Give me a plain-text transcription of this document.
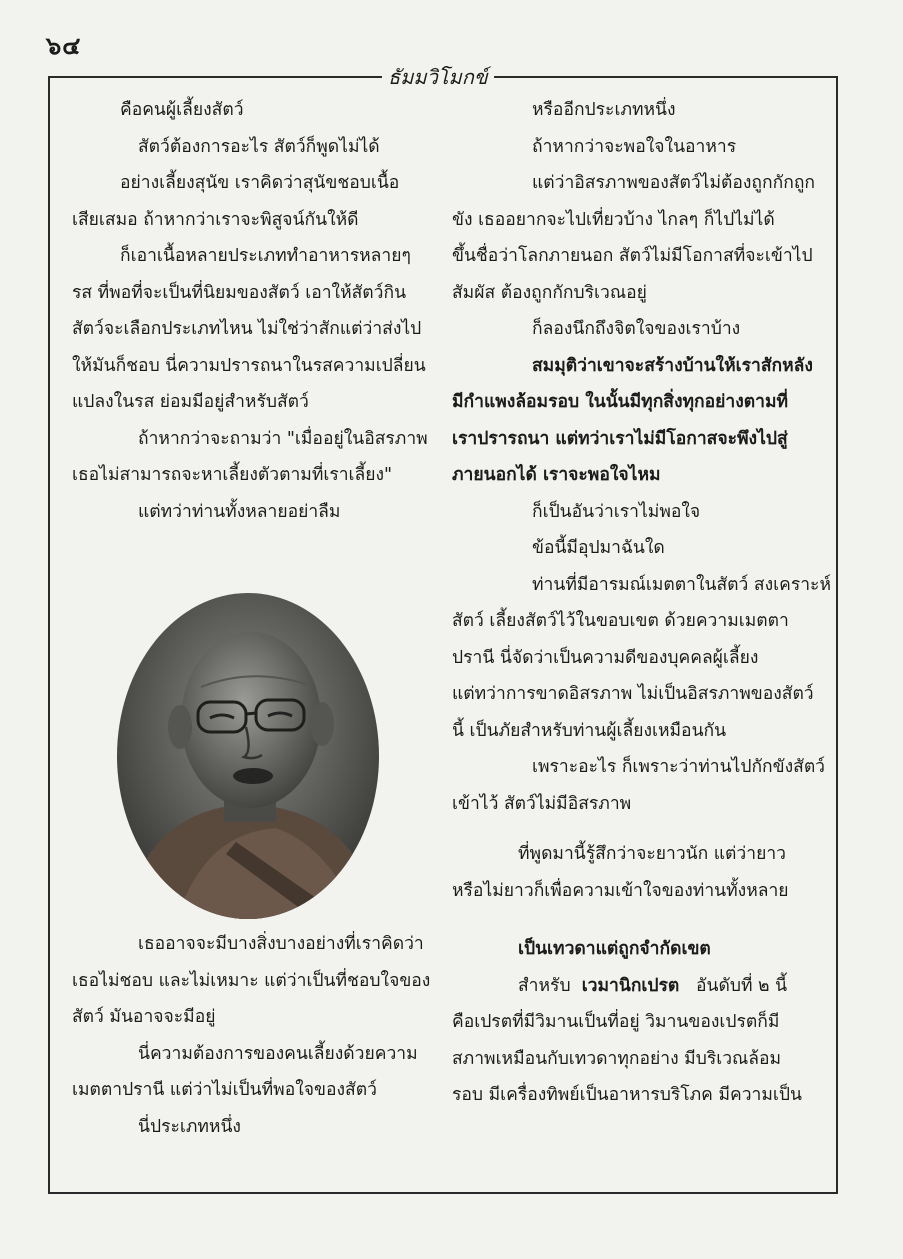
๖๔
ธัมมวิโมกข์
คือคนผู้เลี้ยงสัตว์
สัตว์ต้องการอะไร สัตว์ก็พูดไม่ได้
อย่างเลี้ยงสุนัข เราคิดว่าสุนัขชอบเนื้อ
เสียเสมอ ถ้าหากว่าเราจะพิสูจน์กันให้ดี
ก็เอาเนื้อหลายประเภททำอาหารหลายๆ
รส ที่พอที่จะเป็นที่นิยมของสัตว์ เอาให้สัตว์กิน
สัตว์จะเลือกประเภทไหน ไม่ใช่ว่าสักแต่ว่าส่งไป
ให้มันก็ชอบ นี่ความปรารถนาในรสความเปลี่ยน
แปลงในรส ย่อมมีอยู่สำหรับสัตว์
ถ้าหากว่าจะถามว่า "เมื่ออยู่ในอิสรภาพ
เธอไม่สามารถจะหาเลี้ยงตัวตามที่เราเลี้ยง"
แต่ทว่าท่านทั้งหลายอย่าลืม
เธออาจจะมีบางสิ่งบางอย่างที่เราคิดว่า
เธอไม่ชอบ และไม่เหมาะ แต่ว่าเป็นที่ชอบใจของ
สัตว์ มันอาจจะมีอยู่
นี่ความต้องการของคนเลี้ยงด้วยความ
เมตตาปรานี แต่ว่าไม่เป็นที่พอใจของสัตว์
นี่ประเภทหนึ่ง
หรืออีกประเภทหนึ่ง
ถ้าหากว่าจะพอใจในอาหาร
แต่ว่าอิสรภาพของสัตว์ไม่ต้องถูกกักถูก
ขัง เธออยากจะไปเที่ยวบ้าง ไกลๆ ก็ไปไม่ได้
ขึ้นชื่อว่าโลกภายนอก สัตว์ไม่มีโอกาสที่จะเข้าไป
สัมผัส ต้องถูกกักบริเวณอยู่
ก็ลองนึกถึงจิตใจของเราบ้าง
สมมุติว่าเขาจะสร้างบ้านให้เราสักหลัง
มีกำแพงล้อมรอบ ในนั้นมีทุกสิ่งทุกอย่างตามที่
เราปรารถนา แต่ทว่าเราไม่มีโอกาสจะพึงไปสู่
ภายนอกได้ เราจะพอใจไหม
ก็เป็นอันว่าเราไม่พอใจ
ข้อนี้มีอุปมาฉันใด
ท่านที่มีอารมณ์เมตตาในสัตว์ สงเคราะห์
สัตว์ เลี้ยงสัตว์ไว้ในขอบเขต ด้วยความเมตตา
ปรานี นี่จัดว่าเป็นความดีของบุคคลผู้เลี้ยง
แต่ทว่าการขาดอิสรภาพ ไม่เป็นอิสรภาพของสัตว์
นี้ เป็นภัยสำหรับท่านผู้เลี้ยงเหมือนกัน
เพราะอะไร ก็เพราะว่าท่านไปกักขังสัตว์
เข้าไว้ สัตว์ไม่มีอิสรภาพ
ที่พูดมานี้รู้สึกว่าจะยาวนัก แต่ว่ายาว
หรือไม่ยาวก็เพื่อความเข้าใจของท่านทั้งหลาย
เป็นเทวดาแต่ถูกจำกัดเขต
สำหรับ เวมานิกเปรต อันดับที่ ๒ นี้
คือเปรตที่มีวิมานเป็นที่อยู่ วิมานของเปรตก็มี
สภาพเหมือนกับเทวดาทุกอย่าง มีบริเวณล้อม
รอบ มีเครื่องทิพย์เป็นอาหารบริโภค มีความเป็น
